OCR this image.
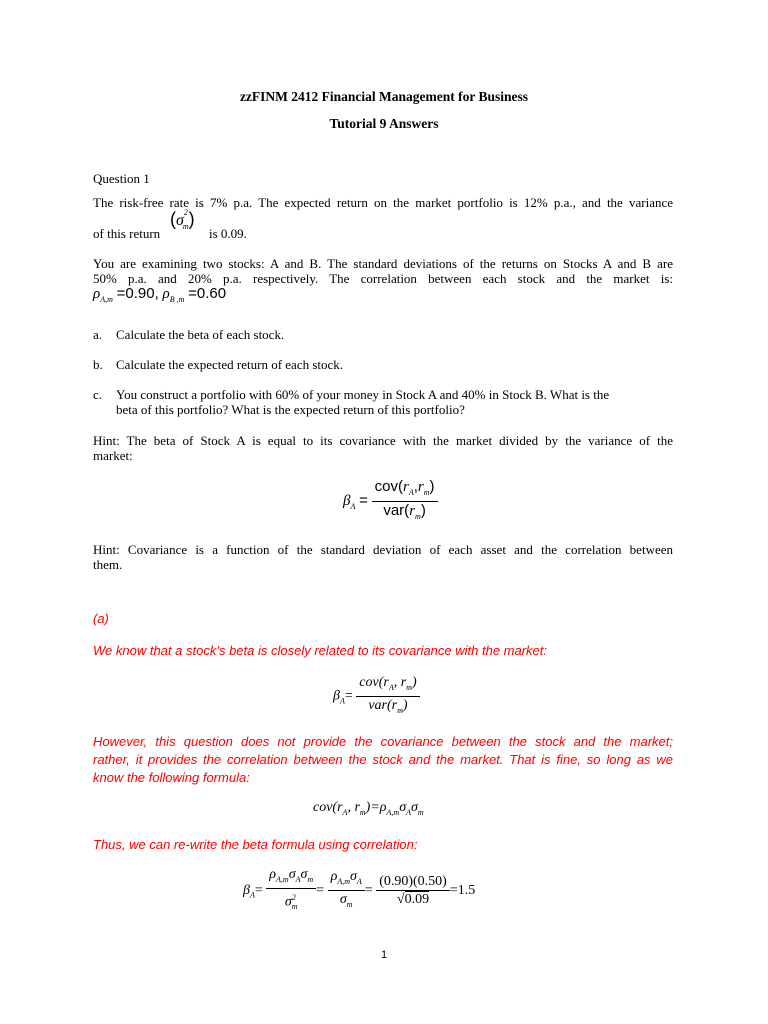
zzFINM 2412 Financial Management for Business
Tutorial 9 Answers
Question 1
The risk-free rate is 7% p.a. The expected return on the market portfolio is 12% p.a., and the variance
of this return
$(\sigma^2_m)$
is 0.09.
You are examining two stocks: A and B. The standard deviations of the returns on Stocks A and B are
50% p.a. and 20% p.a. respectively. The correlation between each stock and the market is:
$\rho_{A,m} =0.90$, $\rho_{B ,m} =0.60$
a. Calculate the beta of each stock.
b. Calculate the expected return of each stock.
c. You construct a portfolio with 60% of your money in Stock A and 40% in Stock B. What is the
beta of this portfolio? What is the expected return of this portfolio?
Hint: The beta of Stock A is equal to its covariance with the market divided by the variance of the
market:
$\beta_A = \frac{cov(r_A,r_m)}{var(r_m)}$
Hint: Covariance is a function of the standard deviation of each asset and the correlation between
them.
(a)
We know that a stock’s beta is closely related to its covariance with the market:
$\beta_A= \frac{cov(r_A, r_m)}{var(r_m)}$
However, this question does not provide the covariance between the stock and the market;
rather, it provides the correlation between the stock and the market. That is fine, so long as we
know the following formula:
$cov(r_A$, $r_m)=\rho_{A,m}\sigma_A\sigma_m$
Thus, we can re-write the beta formula using correlation:
$\beta_A= \frac{\rho_{A,m}\sigma_A\sigma_m}{\sigma^2_m} = \frac{\rho_{A,m}\sigma_A}{\sigma_m} = \frac{(0.90)(0.50)}{√0.09} =1.5$
1
